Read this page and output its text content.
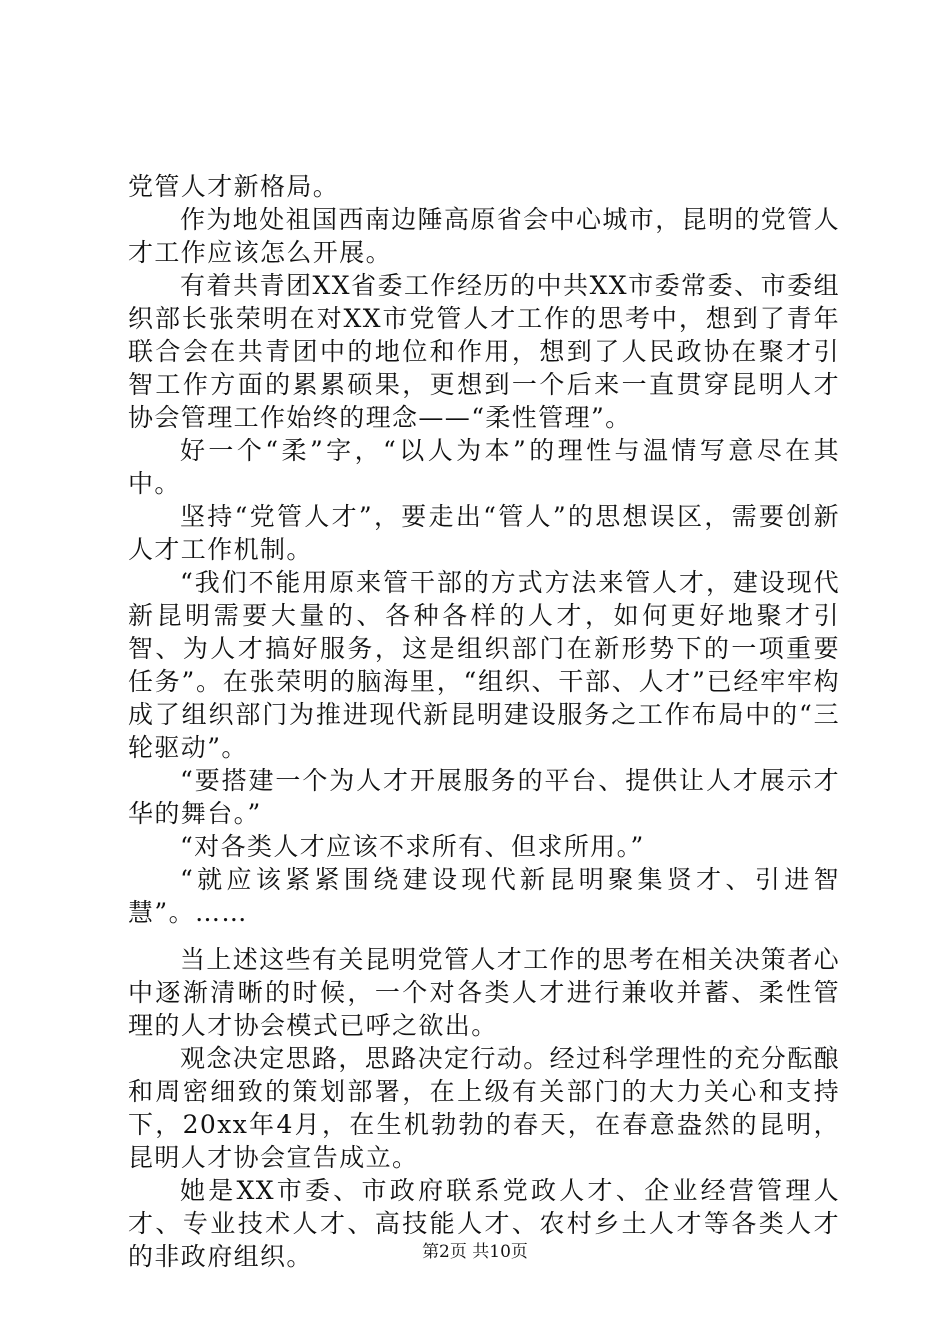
党管人才新格局。

作为地处祖国西南边陲高原省会中心城市，昆明的党管人才工作应该怎么开展。

有着共青团XX省委工作经历的中共XX市委常委、市委组织部长张荣明在对XX市党管人才工作的思考中，想到了青年联合会在共青团中的地位和作用，想到了人民政协在聚才引智工作方面的累累硕果，更想到一个后来一直贯穿昆明人才协会管理工作始终的理念——“柔性管理”。

好一个“柔”字，“以人为本”的理性与温情写意尽在其中。

坚持“党管人才”，要走出“管人”的思想误区，需要创新人才工作机制。

“我们不能用原来管干部的方式方法来管人才，建设现代新昆明需要大量的、各种各样的人才，如何更好地聚才引智、为人才搞好服务，这是组织部门在新形势下的一项重要任务”。在张荣明的脑海里，“组织、干部、人才”已经牢牢构成了组织部门为推进现代新昆明建设服务之工作布局中的“三轮驱动”。

“要搭建一个为人才开展服务的平台、提供让人才展示才华的舞台。”

“对各类人才应该不求所有、但求所用。”

“就应该紧紧围绕建设现代新昆明聚集贤才、引进智慧”。……

当上述这些有关昆明党管人才工作的思考在相关决策者心中逐渐清晰的时候，一个对各类人才进行兼收并蓄、柔性管理的人才协会模式已呼之欲出。

观念决定思路，思路决定行动。经过科学理性的充分酝酿和周密细致的策划部署，在上级有关部门的大力关心和支持下，20xx年4月，在生机勃勃的春天，在春意盎然的昆明，昆明人才协会宣告成立。

她是XX市委、市政府联系党政人才、企业经营管理人才、专业技术人才、高技能人才、农村乡土人才等各类人才的非政府组织。	第2页 共10页
